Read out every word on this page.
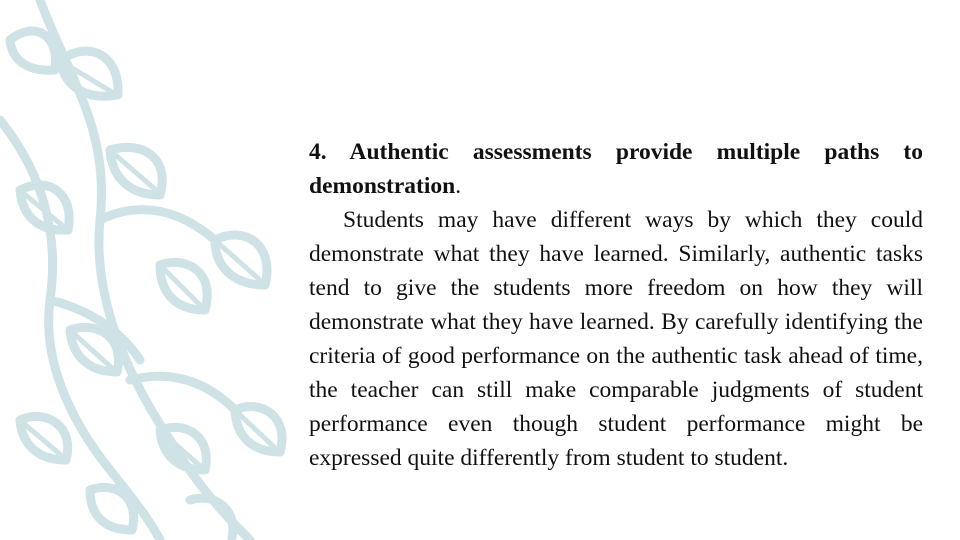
4. Authentic assessments provide multiple paths to demonstration.

Students may have different ways by which they could demonstrate what they have learned. Similarly, authentic tasks tend to give the students more freedom on how they will demonstrate what they have learned. By carefully identifying the criteria of good performance on the authentic task ahead of time, the teacher can still make comparable judgments of student performance even though student performance might be expressed quite differently from student to student.
